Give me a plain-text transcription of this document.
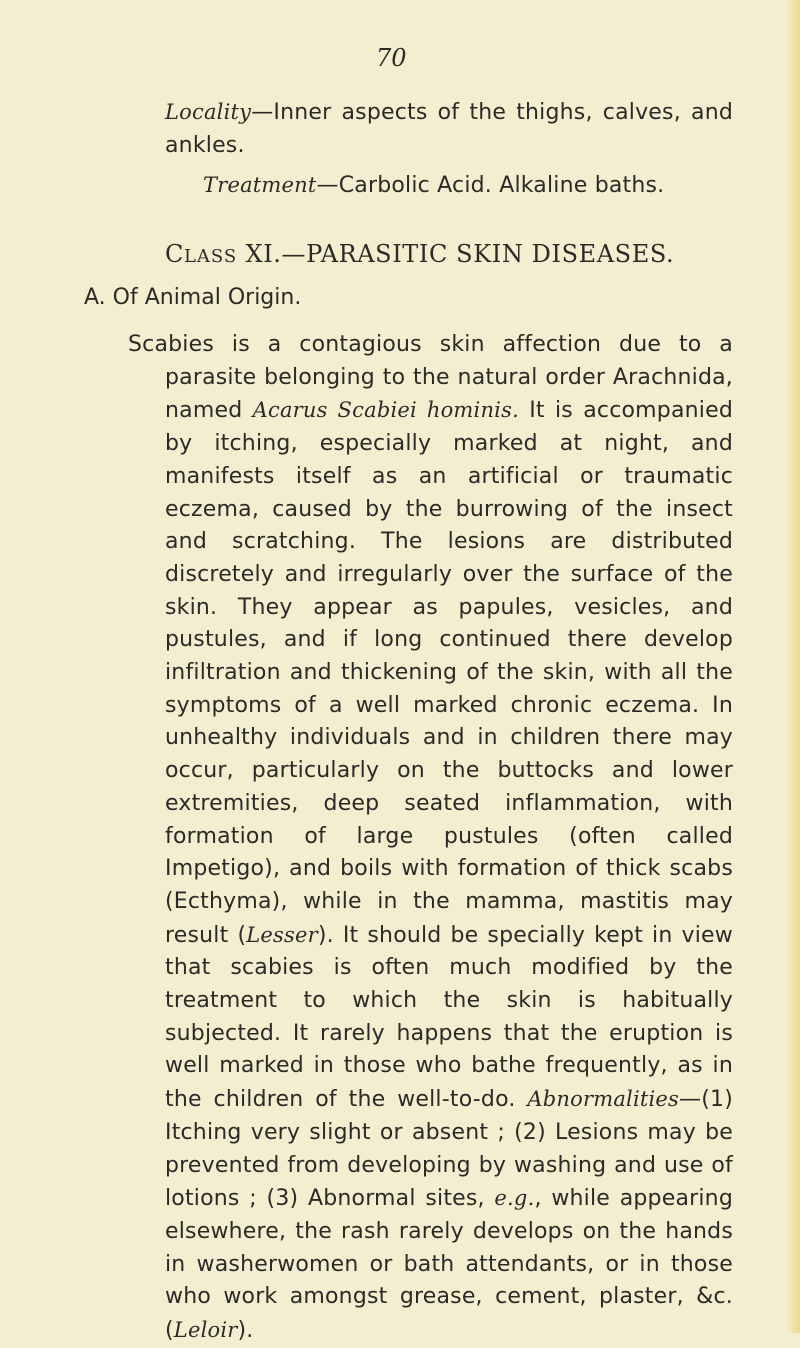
70

Locality—Inner aspects of the thighs, calves, and ankles.

Treatment—Carbolic Acid. Alkaline baths.

CLASS XI.—PARASITIC SKIN DISEASES.
A. Of Animal Origin.

Scabies is a contagious skin affection due to a parasite belonging to the natural order Arachnida, named Acarus Scabiei hominis. It is accompanied by itching, especially marked at night, and manifests itself as an artificial or traumatic eczema, caused by the burrowing of the insect and scratching. The lesions are distributed discretely and irregularly over the surface of the skin. They appear as papules, vesicles, and pustules, and if long continued there develop infiltration and thickening of the skin, with all the symptoms of a well marked chronic eczema. In unhealthy individuals and in children there may occur, particularly on the buttocks and lower extremities, deep seated inflammation, with formation of large pustules (often called Impetigo), and boils with formation of thick scabs (Ecthyma), while in the mamma, mastitis may result (Lesser). It should be specially kept in view that scabies is often much modified by the treatment to which the skin is habitually subjected. It rarely happens that the eruption is well marked in those who bathe frequently, as in the children of the well-to-do. Abnormalities—(1) Itching very slight or absent ; (2) Lesions may be prevented from developing by washing and use of lotions ; (3) Abnormal sites, e.g., while appearing elsewhere, the rash rarely develops on the hands in washerwomen or bath attendants, or in those who work amongst grease, cement, plaster, &c. (Leloir).
